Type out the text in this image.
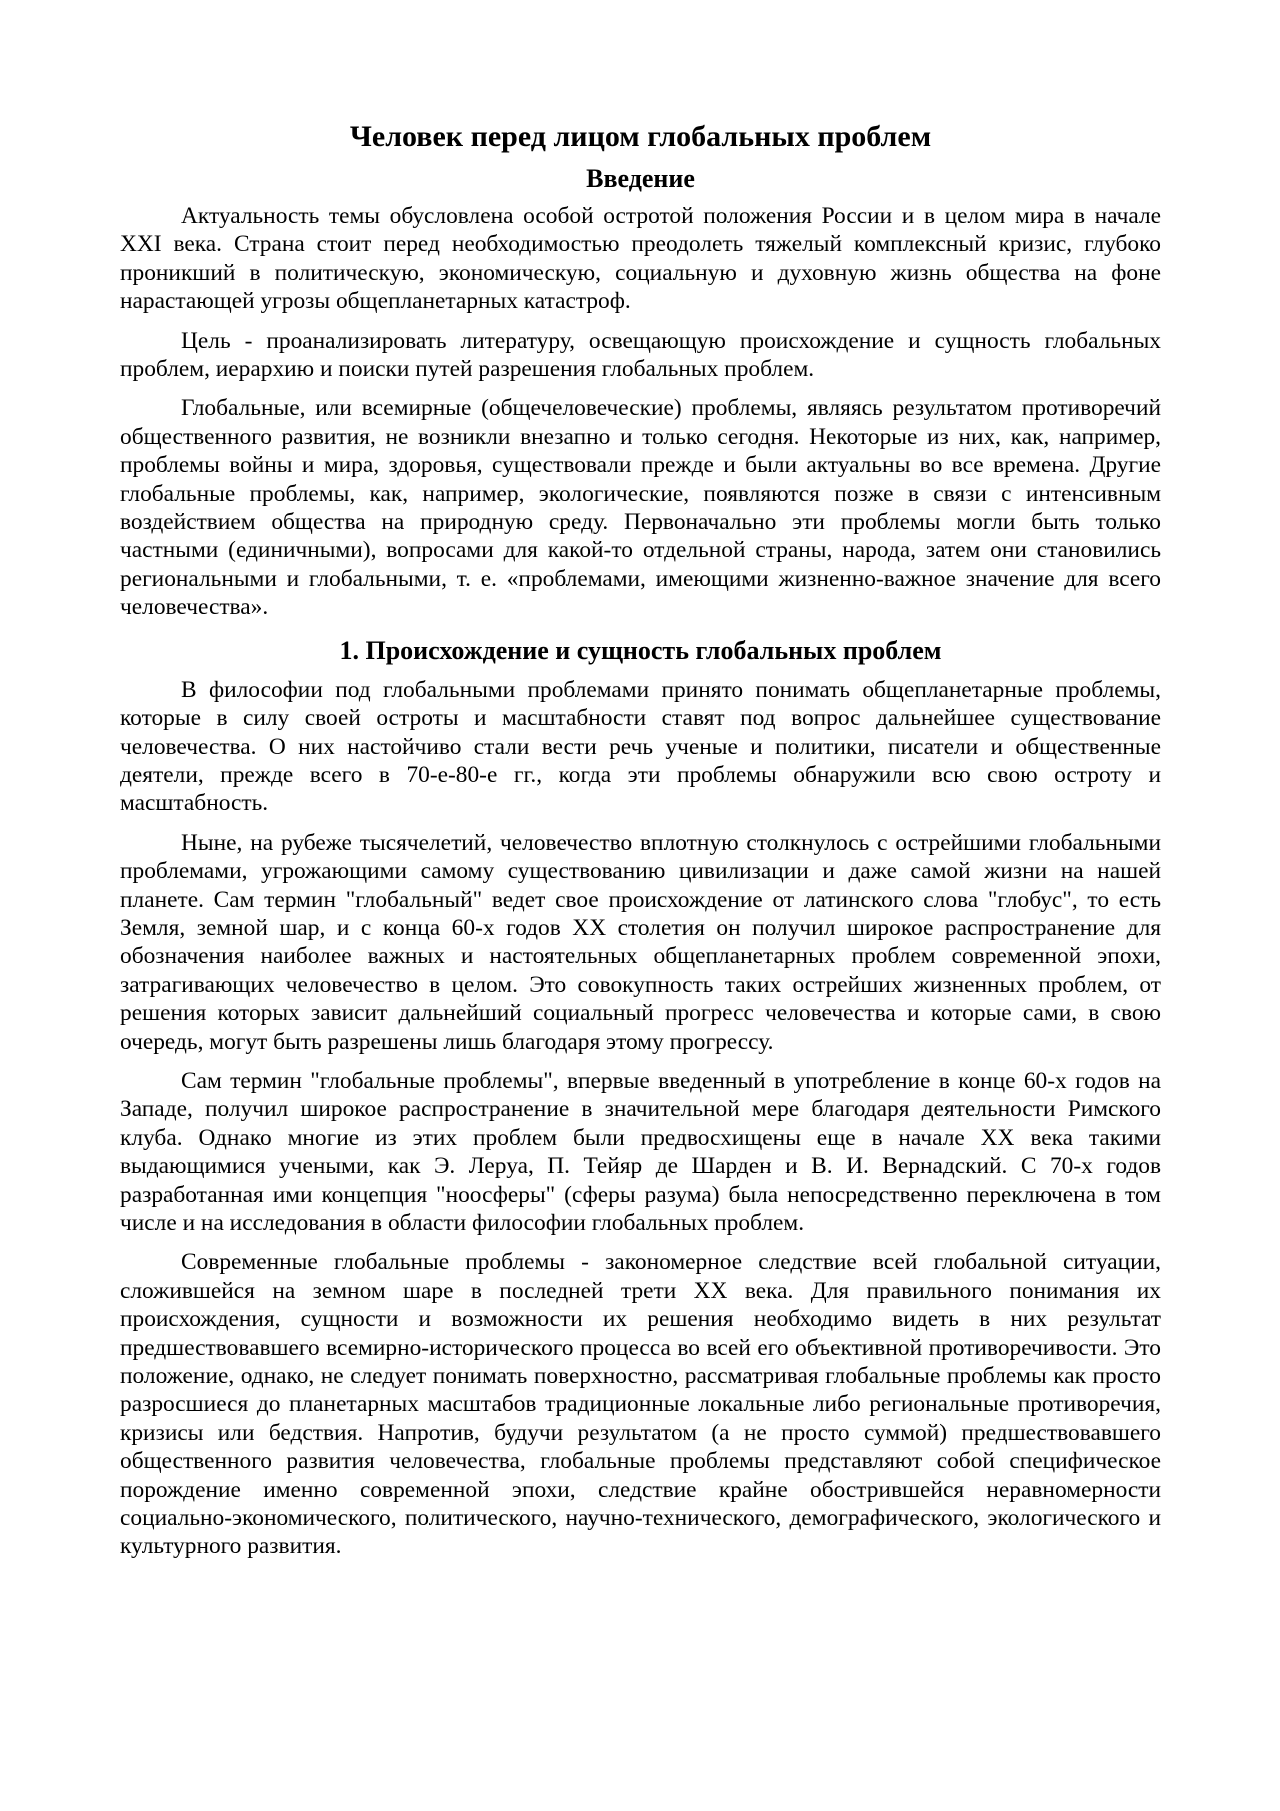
Человек перед лицом глобальных проблем
Введение

Актуальность темы обусловлена особой остротой положения России и в целом мира в начале XXI века. Страна стоит перед необходимостью преодолеть тяжелый комплексный кризис, глубоко проникший в политическую, экономическую, социальную и духовную жизнь общества на фоне нарастающей угрозы общепланетарных катастроф.

Цель - проанализировать литературу, освещающую происхождение и сущность глобальных проблем, иерархию и поиски путей разрешения глобальных проблем.

Глобальные, или всемирные (общечеловеческие) проблемы, являясь результатом противоречий общественного развития, не возникли внезапно и только сегодня. Некоторые из них, как, например, проблемы войны и мира, здоровья, существовали прежде и были актуальны во все времена. Другие глобальные проблемы, как, например, экологические, появляются позже в связи с интенсивным воздействием общества на природную среду. Первоначально эти проблемы могли быть только частными (единичными), вопросами для какой-то отдельной страны, народа, затем они становились региональными и глобальными, т. е. «проблемами, имеющими жизненно-важное значение для всего человечества».

1. Происхождение и сущность глобальных проблем

В философии под глобальными проблемами принято понимать общепланетарные проблемы, которые в силу своей остроты и масштабности ставят под вопрос дальнейшее существование человечества. О них настойчиво стали вести речь ученые и политики, писатели и общественные деятели, прежде всего в 70-е-80-е гг., когда эти проблемы обнаружили всю свою остроту и масштабность.

Ныне, на рубеже тысячелетий, человечество вплотную столкнулось с острейшими глобальными проблемами, угрожающими самому существованию цивилизации и даже самой жизни на нашей планете. Сам термин "глобальный" ведет свое происхождение от латинского слова "глобус", то есть Земля, земной шар, и с конца 60-х годов XX столетия он получил широкое распространение для обозначения наиболее важных и настоятельных общепланетарных проблем современной эпохи, затрагивающих человечество в целом. Это совокупность таких острейших жизненных проблем, от решения которых зависит дальнейший социальный прогресс человечества и которые сами, в свою очередь, могут быть разрешены лишь благодаря этому прогрессу.

Сам термин "глобальные проблемы", впервые введенный в употребление в конце 60-х годов на Западе, получил широкое распространение в значительной мере благодаря деятельности Римского клуба. Однако многие из этих проблем были предвосхищены еще в начале XX века такими выдающимися учеными, как Э. Леруа, П. Тейяр де Шарден и В. И. Вернадский. С 70-х годов разработанная ими концепция "ноосферы" (сферы разума) была непосредственно переключена в том числе и на исследования в области философии глобальных проблем.

Современные глобальные проблемы - закономерное следствие всей глобальной ситуации, сложившейся на земном шаре в последней трети XX века. Для правильного понимания их происхождения, сущности и возможности их решения необходимо видеть в них результат предшествовавшего всемирно-исторического процесса во всей его объективной противоречивости. Это положение, однако, не следует понимать поверхностно, рассматривая глобальные проблемы как просто разросшиеся до планетарных масштабов традиционные локальные либо региональные противоречия, кризисы или бедствия. Напротив, будучи результатом (а не просто суммой) предшествовавшего общественного развития человечества, глобальные проблемы представляют собой специфическое порождение именно современной эпохи, следствие крайне обострившейся неравномерности социально-экономического, политического, научно-технического, демографического, экологического и культурного развития.
